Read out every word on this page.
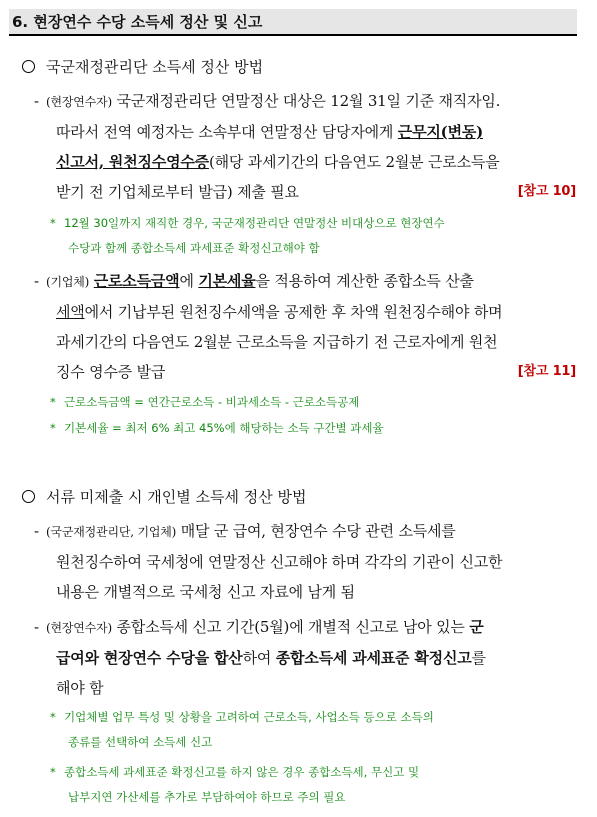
6. 현장연수 수당 소득세 정산 및 신고
국군재정관리단 소득세 정산 방법
- (현장연수자) 국군재정관리단 연말정산 대상은 12월 31일 기준 재직자임.
따라서 전역 예정자는 소속부대 연말정산 담당자에게 근무지(변동)
신고서, 원천징수영수증(해당 과세기간의 다음연도 2월분 근로소득을
받기 전 기업체로부터 발급) 제출 필요	[참고 10]
* 12월 30일까지 재직한 경우, 국군재정관리단 연말정산 비대상으로 현장연수
수당과 함께 종합소득세 과세표준 확정신고해야 함
- (기업체) 근로소득금액에 기본세율을 적용하여 계산한 종합소득 산출
세액에서 기납부된 원천징수세액을 공제한 후 차액 원천징수해야 하며
과세기간의 다음연도 2월분 근로소득을 지급하기 전 근로자에게 원천
징수 영수증 발급	[참고 11]
* 근로소득금액 = 연간근로소득 - 비과세소득 - 근로소득공제
* 기본세율 = 최저 6% 최고 45%에 해당하는 소득 구간별 과세율
서류 미제출 시 개인별 소득세 정산 방법
- (국군재정관리단, 기업체) 매달 군 급여, 현장연수 수당 관련 소득세를
원천징수하여 국세청에 연말정산 신고해야 하며 각각의 기관이 신고한
내용은 개별적으로 국세청 신고 자료에 남게 됨
- (현장연수자) 종합소득세 신고 기간(5월)에 개별적 신고로 남아 있는 군
급여와 현장연수 수당을 합산하여 종합소득세 과세표준 확정신고를
해야 함
* 기업체별 업무 특성 및 상황을 고려하여 근로소득, 사업소득 등으로 소득의
종류를 선택하여 소득세 신고
* 종합소득세 과세표준 확정신고를 하지 않은 경우 종합소득세, 무신고 및
납부지연 가산세를 추가로 부담하여야 하므로 주의 필요
